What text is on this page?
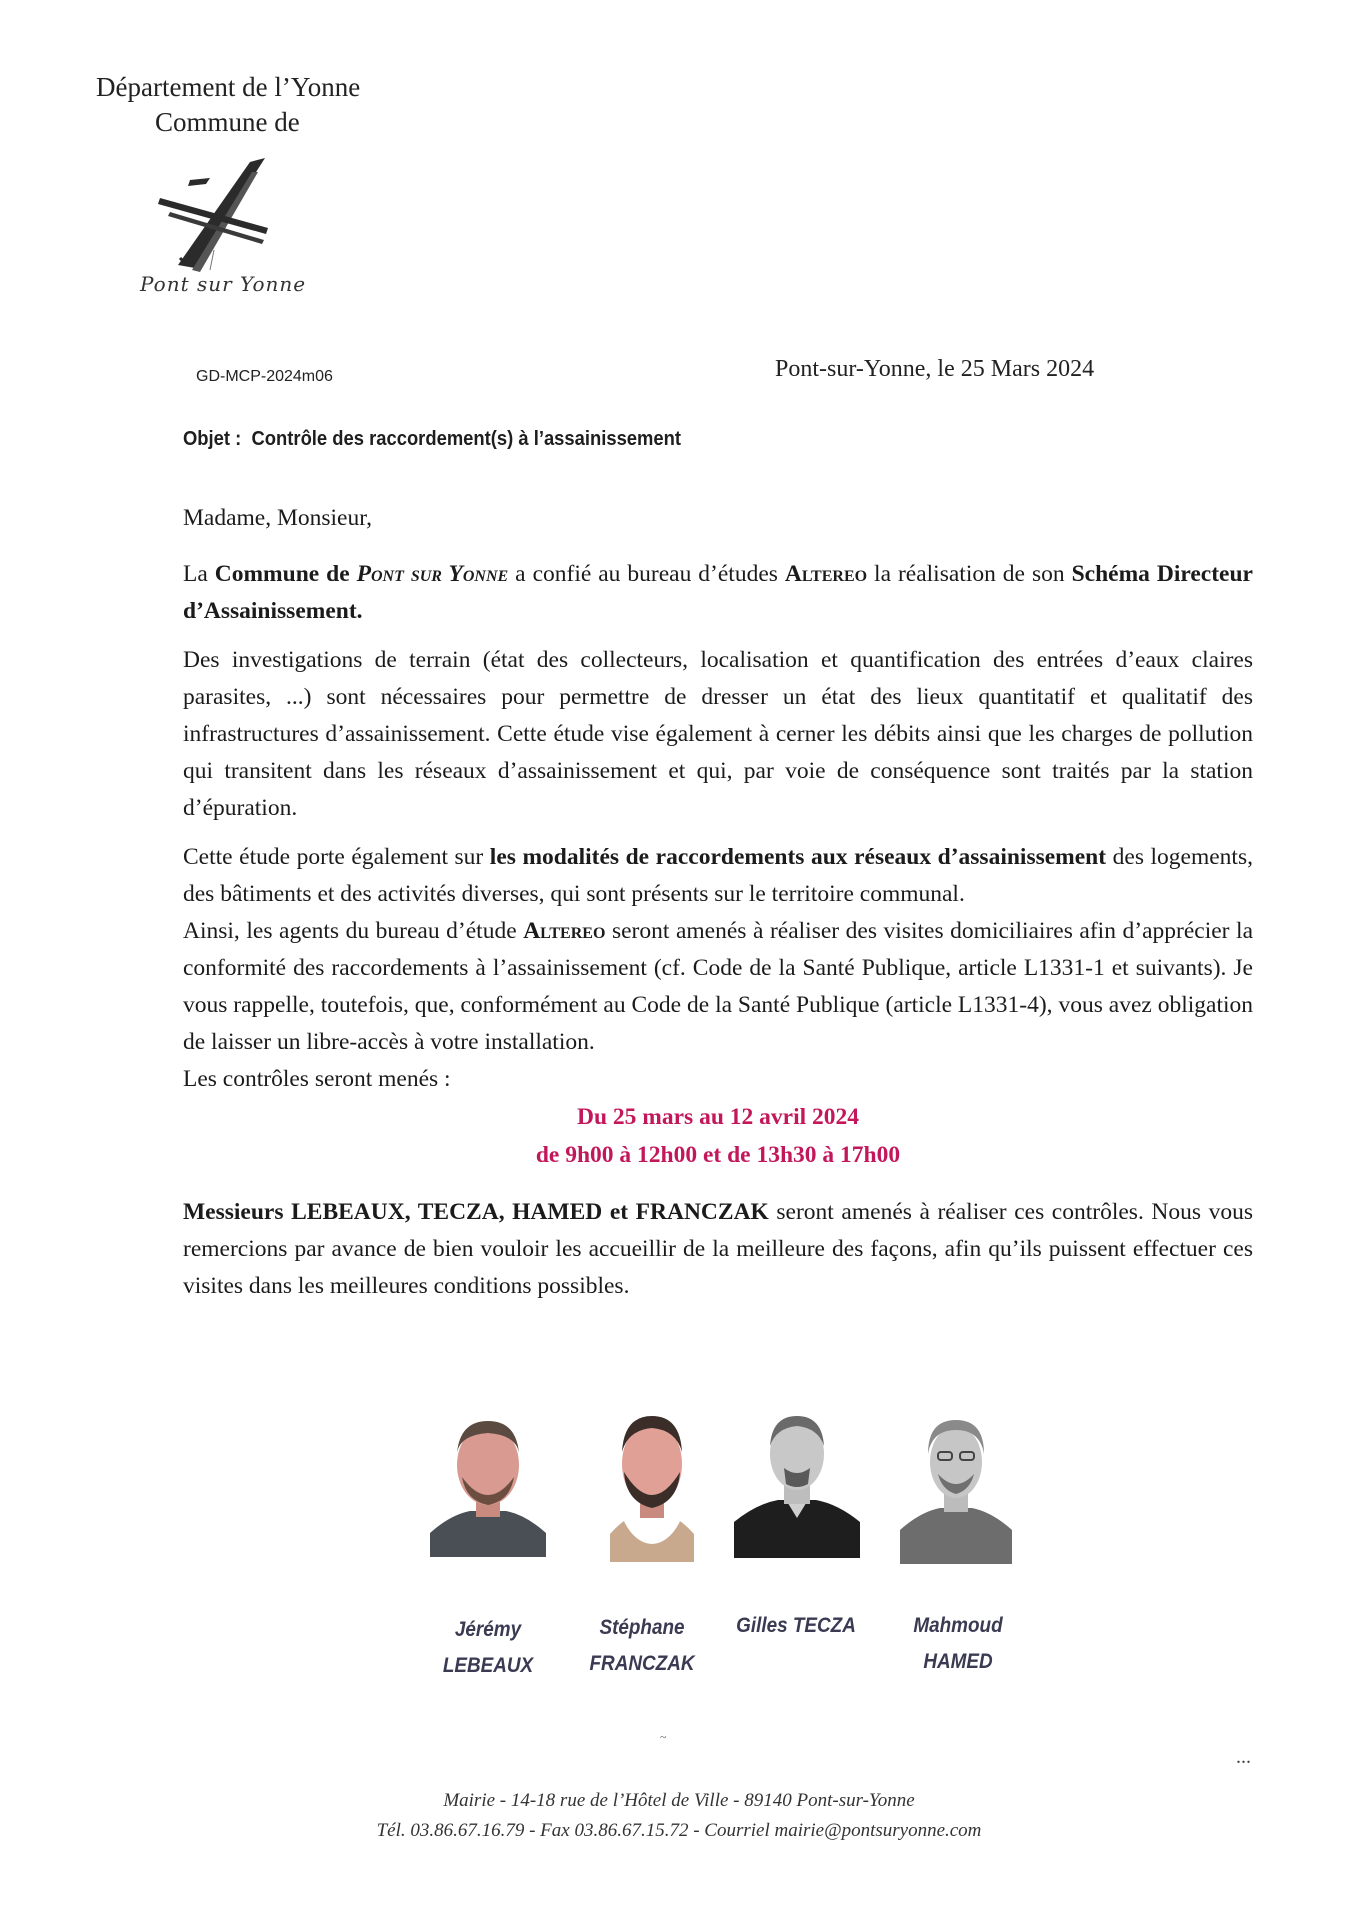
Département de l’Yonne
Commune de
Pont sur Yonne
GD-MCP-2024m06	Pont-sur-Yonne, le 25 Mars 2024
Objet : Contrôle des raccordement(s) à l’assainissement
Madame, Monsieur,

La Commune de Pont sur Yonne a confié au bureau d’études Altereo la réalisation de son Schéma Directeur d’Assainissement.

Des investigations de terrain (état des collecteurs, localisation et quantification des entrées d’eaux claires parasites, ...) sont nécessaires pour permettre de dresser un état des lieux quantitatif et qualitatif des infrastructures d’assainissement. Cette étude vise également à cerner les débits ainsi que les charges de pollution qui transitent dans les réseaux d’assainissement et qui, par voie de conséquence sont traités par la station d’épuration.

Cette étude porte également sur les modalités de raccordements aux réseaux d’assainissement des logements, des bâtiments et des activités diverses, qui sont présents sur le territoire communal.

Ainsi, les agents du bureau d’étude Altereo seront amenés à réaliser des visites domiciliaires afin d’apprécier la conformité des raccordements à l’assainissement (cf. Code de la Santé Publique, article L1331-1 et suivants). Je vous rappelle, toutefois, que, conformément au Code de la Santé Publique (article L1331-4), vous avez obligation de laisser un libre-accès à votre installation.

Les contrôles seront menés :

Du 25 mars au 12 avril 2024
de 9h00 à 12h00 et de 13h30 à 17h00

Messieurs LEBEAUX, TECZA, HAMED et FRANCZAK seront amenés à réaliser ces contrôles. Nous vous remercions par avance de bien vouloir les accueillir de la meilleure des façons, afin qu’ils puissent effectuer ces visites dans les meilleures conditions possibles.

Jérémy
LEBEAUX
Stéphane
FRANCZAK
Gilles TECZA	Mahmoud
HAMED
~
...
Mairie - 14-18 rue de l’Hôtel de Ville - 89140 Pont-sur-Yonne
Tél. 03.86.67.16.79 - Fax 03.86.67.15.72 - Courriel mairie@pontsuryonne.com
